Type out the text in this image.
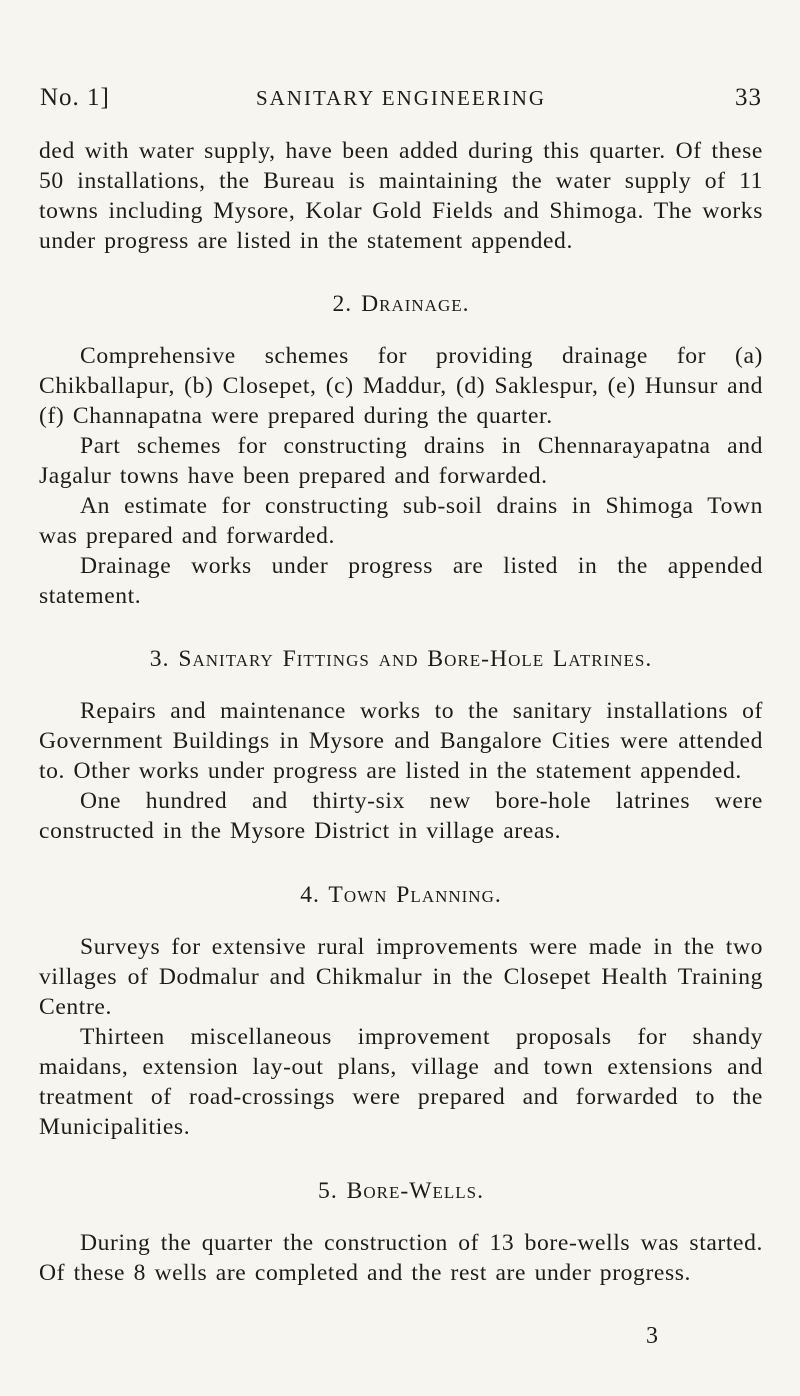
No. 1]	SANITARY ENGINEERING	33

ded with water supply, have been added during this quarter. Of these 50 installations, the Bureau is maintaining the water supply of 11 towns including Mysore, Kolar Gold Fields and Shimoga. The works under progress are listed in the statement appended.

2. Drainage.

Comprehensive schemes for providing drainage for (a) Chikballapur, (b) Closepet, (c) Maddur, (d) Saklespur, (e) Hunsur and (f) Channapatna were prepared during the quarter.

Part schemes for constructing drains in Chennarayapatna and Jagalur towns have been prepared and forwarded.

An estimate for constructing sub-soil drains in Shimoga Town was prepared and forwarded.

Drainage works under progress are listed in the appended statement.

3. Sanitary Fittings and Bore-Hole Latrines.

Repairs and maintenance works to the sanitary installations of Government Buildings in Mysore and Bangalore Cities were attended to. Other works under progress are listed in the statement appended.

One hundred and thirty-six new bore-hole latrines were constructed in the Mysore District in village areas.

4. Town Planning.

Surveys for extensive rural improvements were made in the two villages of Dodmalur and Chikmalur in the Closepet Health Training Centre.

Thirteen miscellaneous improvement proposals for shandy maidans, extension lay-out plans, village and town extensions and treatment of road-crossings were prepared and forwarded to the Municipalities.

5. Bore-Wells.

During the quarter the construction of 13 bore-wells was started. Of these 8 wells are completed and the rest are under progress.

3
